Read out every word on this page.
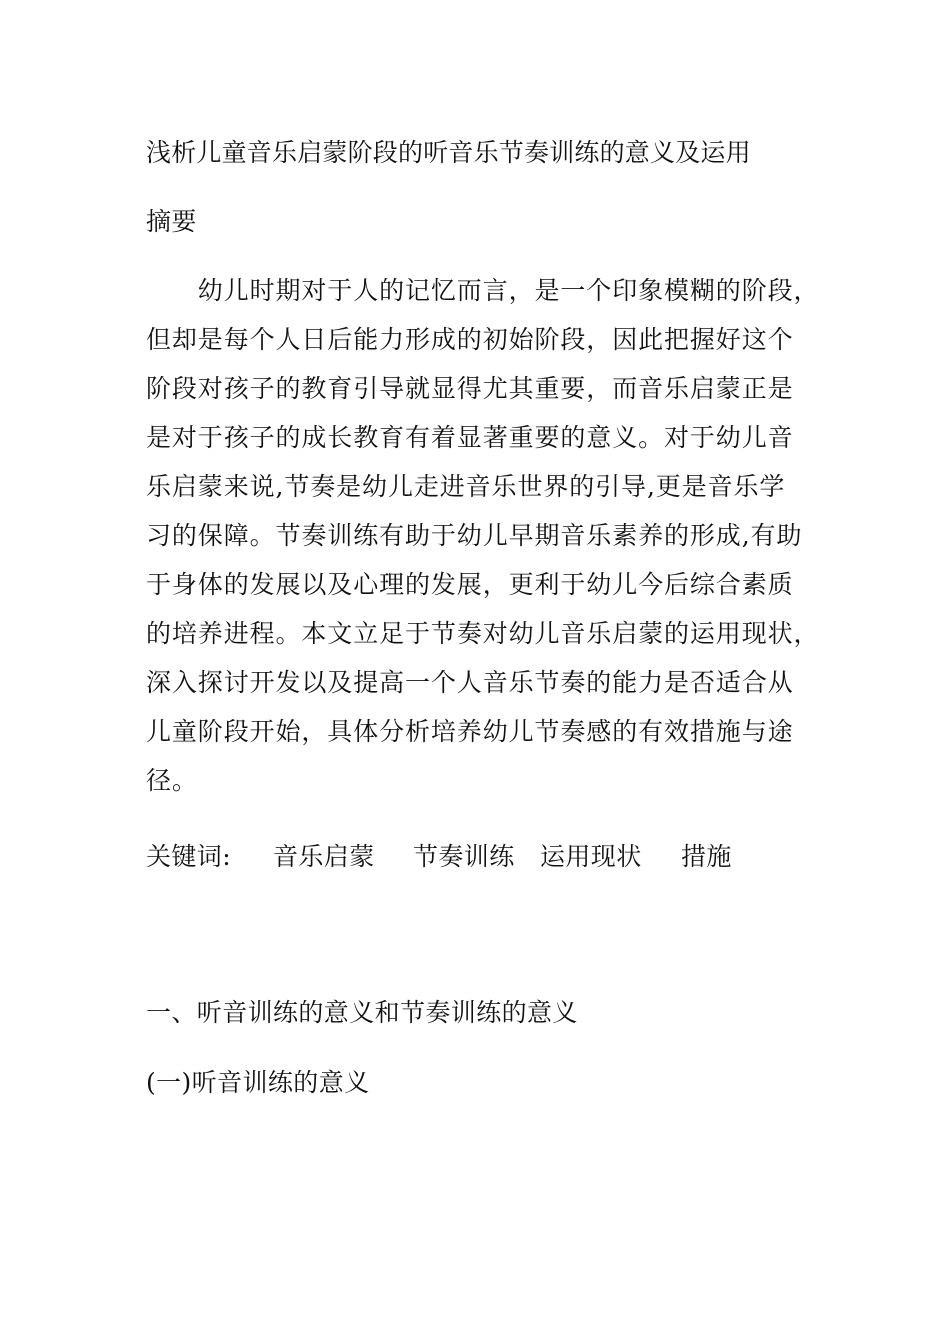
浅析儿童音乐启蒙阶段的听音乐节奏训练的意义及运用
摘要
　　幼儿时期对于人的记忆而言，是一个印象模糊的阶段，
但却是每个人日后能力形成的初始阶段，因此把握好这个
阶段对孩子的教育引导就显得尤其重要，而音乐启蒙正是
是对于孩子的成长教育有着显著重要的意义。对于幼儿音
乐启蒙来说,节奏是幼儿走进音乐世界的引导,更是音乐学
习的保障。节奏训练有助于幼儿早期音乐素养的形成,有助
于身体的发展以及心理的发展，更利于幼儿今后综合素质
的培养进程。本文立足于节奏对幼儿音乐启蒙的运用现状，
深入探讨开发以及提高一个人音乐节奏的能力是否适合从
儿童阶段开始，具体分析培养幼儿节奏感的有效措施与途
径。
关键词: 音乐启蒙 节奏训练 运用现状 措施
一、听音训练的意义和节奏训练的意义
(一)听音训练的意义
